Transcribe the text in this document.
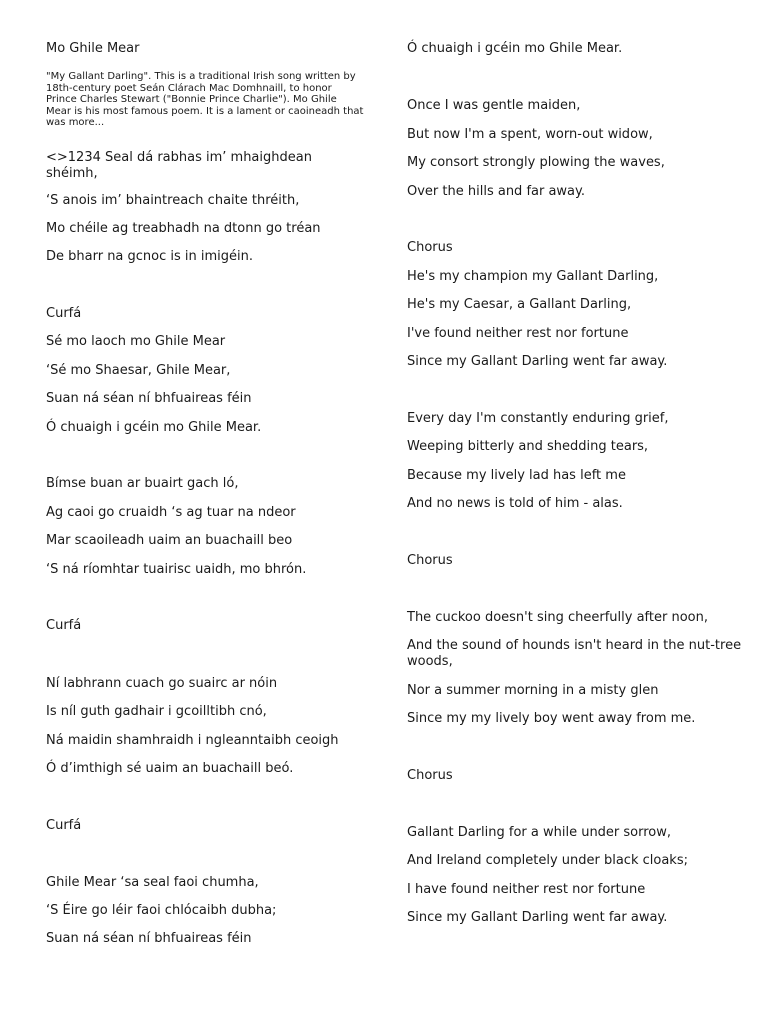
Mo Ghile Mear
"My Gallant Darling". This is a traditional Irish song written by 18th-century poet Seán Clárach Mac Domhnaill, to honor Prince Charles Stewart ("Bonnie Prince Charlie"). Mo Ghile Mear is his most famous poem. It is a lament or caoineadh that was more...
<>1234 Seal dá rabhas im’ mhaighdean shéimh,
‘S anois im’ bhaintreach chaite thréith,
Mo chéile ag treabhadh na dtonn go tréan
De bharr na gcnoc is in imigéin.
Curfá
Sé mo laoch mo Ghile Mear
‘Sé mo Shaesar, Ghile Mear,
Suan ná séan ní bhfuaireas féin
Ó chuaigh i gcéin mo Ghile Mear.
Bímse buan ar buairt gach ló,
Ag caoi go cruaidh ‘s ag tuar na ndeor
Mar scaoileadh uaim an buachaill beo
‘S ná ríomhtar tuairisc uaidh, mo bhrón.
Curfá
Ní labhrann cuach go suairc ar nóin
Is níl guth gadhair i gcoilltibh cnó,
Ná maidin shamhraidh i ngleanntaibh ceoigh
Ó d’imthigh sé uaim an buachaill beó.
Curfá
Ghile Mear ‘sa seal faoi chumha,
‘S Éire go léir faoi chlócaibh dubha;
Suan ná séan ní bhfuaireas féin
Ó chuaigh i gcéin mo Ghile Mear.
Once I was gentle maiden,
But now I'm a spent, worn-out widow,
My consort strongly plowing the waves,
Over the hills and far away.
Chorus
He's my champion my Gallant Darling,
He's my Caesar, a Gallant Darling,
I've found neither rest nor fortune
Since my Gallant Darling went far away.
Every day I'm constantly enduring grief,
Weeping bitterly and shedding tears,
Because my lively lad has left me
And no news is told of him - alas.
Chorus
The cuckoo doesn't sing cheerfully after noon,
And the sound of hounds isn't heard in the nut-tree woods,
Nor a summer morning in a misty glen
Since my my lively boy went away from me.
Chorus
Gallant Darling for a while under sorrow,
And Ireland completely under black cloaks;
I have found neither rest nor fortune
Since my Gallant Darling went far away.
